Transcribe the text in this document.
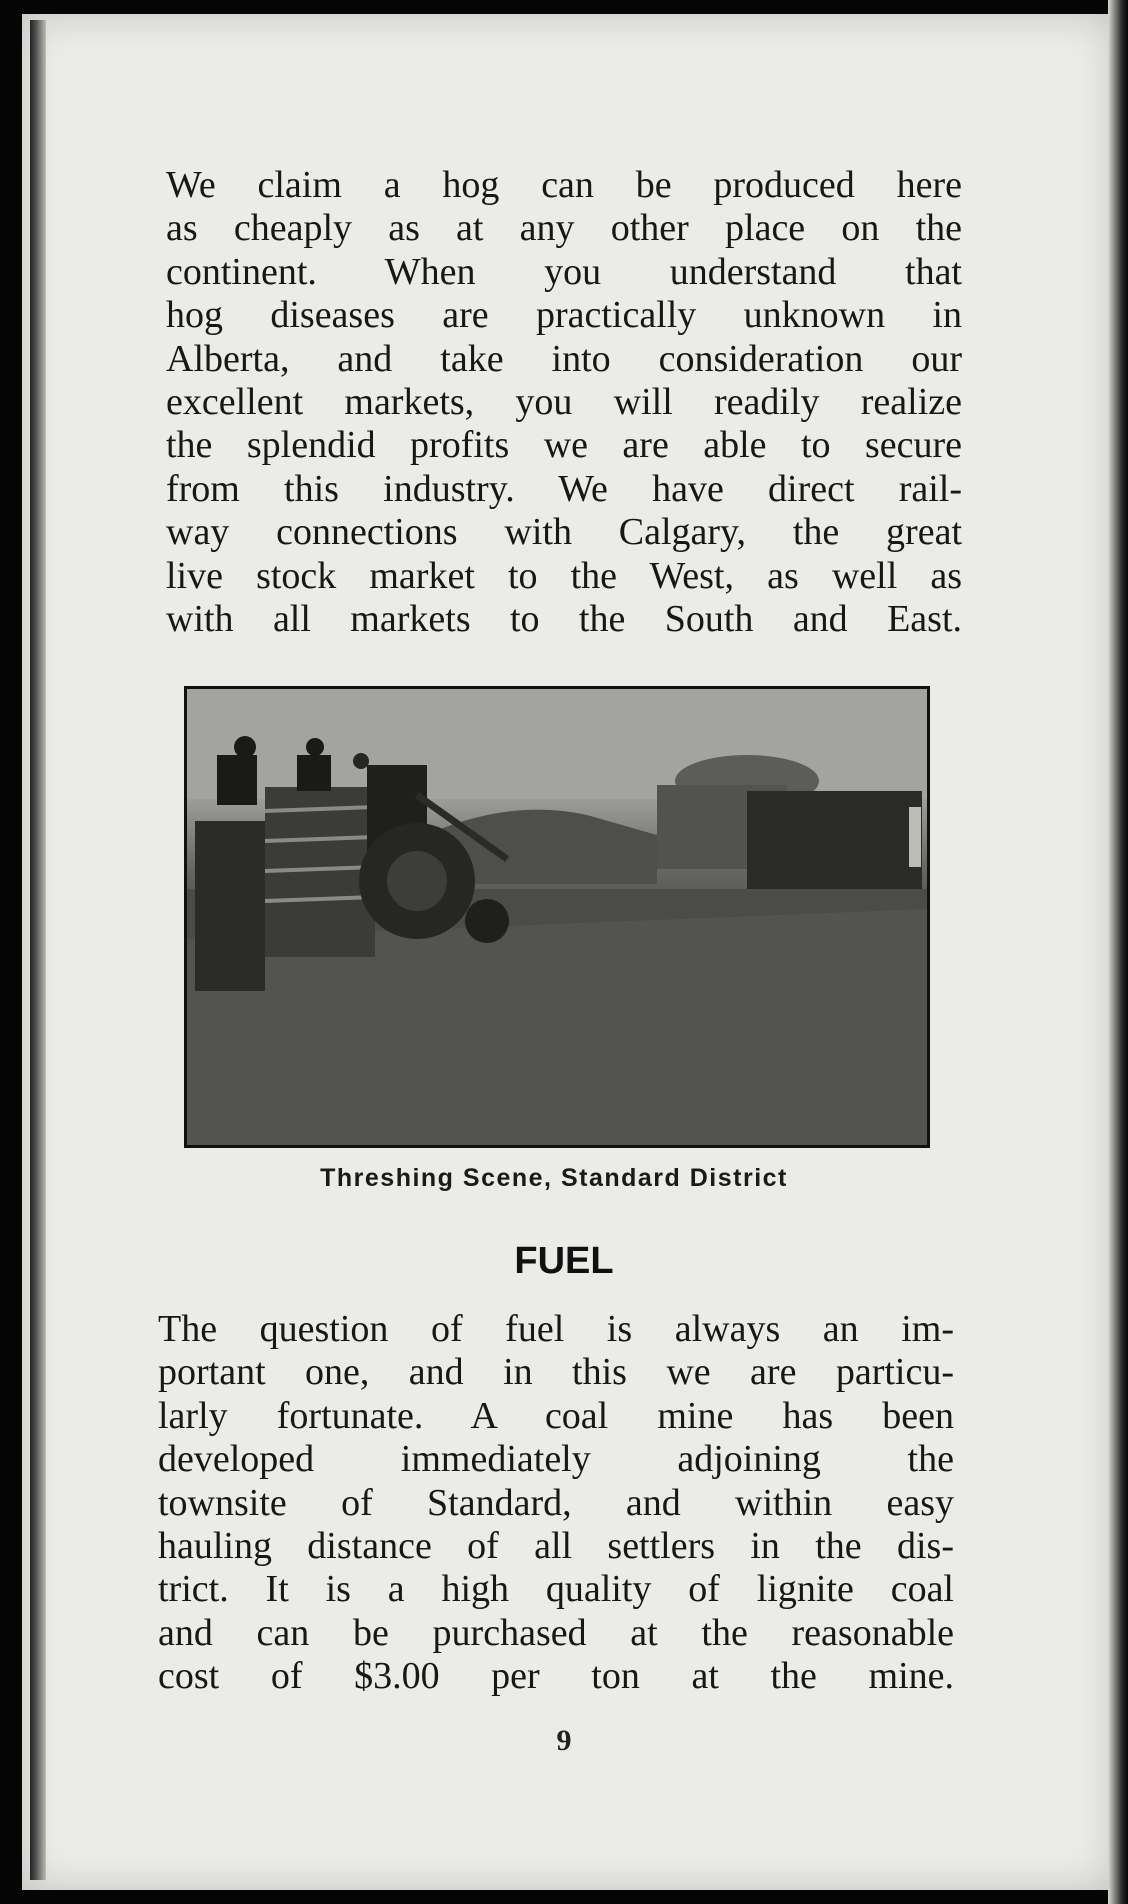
We claim a hog can be produced here
as cheaply as at any other place on the
continent. When you understand that
hog diseases are practically unknown in
Alberta, and take into consideration our
excellent markets, you will readily realize
the splendid profits we are able to secure
from this industry. We have direct rail-
way connections with Calgary, the great
live stock market to the West, as well as
with all markets to the South and East.

Threshing Scene, Standard District

FUEL
The question of fuel is always an im-
portant one, and in this we are particu-
larly fortunate. A coal mine has been
developed immediately adjoining the
townsite of Standard, and within easy
hauling distance of all settlers in the dis-
trict. It is a high quality of lignite coal
and can be purchased at the reasonable
cost of $3.00 per ton at the mine.
9
